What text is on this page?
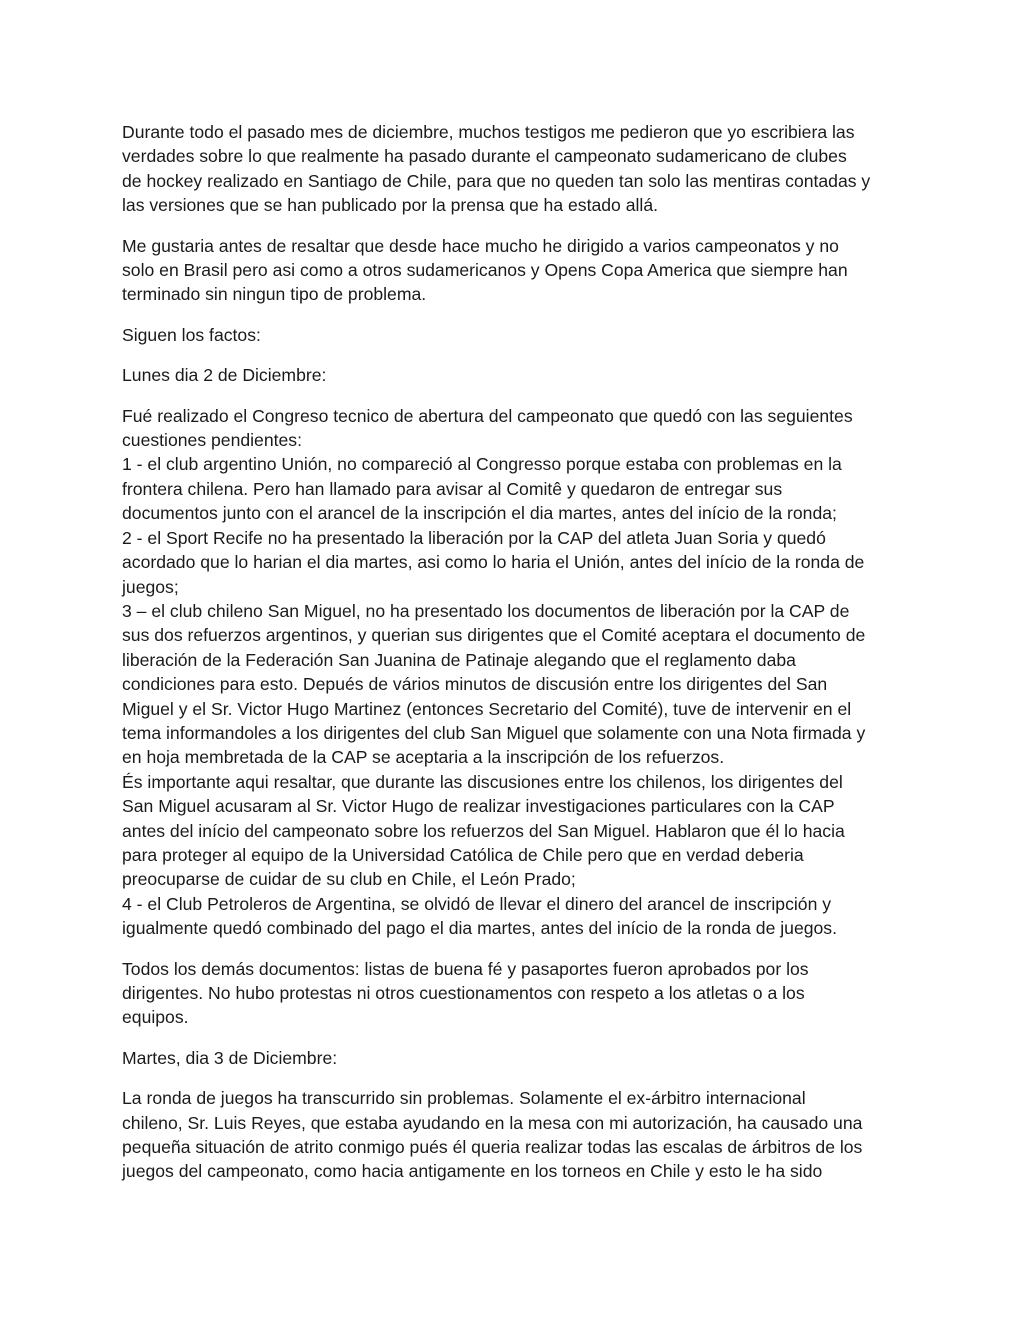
Durante todo el pasado mes de diciembre, muchos testigos me pedieron que yo escribiera las
verdades sobre lo que realmente ha pasado durante el campeonato sudamericano de clubes
de hockey realizado en Santiago de Chile, para que no queden tan solo las mentiras contadas y
las versiones que se han publicado por la prensa que ha estado allá.

Me gustaria antes de resaltar que desde hace mucho he dirigido a varios campeonatos y no
solo en Brasil pero asi como a otros sudamericanos y Opens Copa America que siempre han
terminado sin ningun tipo de problema.

Siguen los factos:

Lunes dia 2 de Diciembre:

Fué realizado el Congreso tecnico de abertura del campeonato que quedó con las seguientes
cuestiones pendientes:
1 - el club argentino Unión, no compareció al Congresso porque estaba con problemas en la
frontera chilena. Pero han llamado para avisar al Comitê y quedaron de entregar sus
documentos junto con el arancel de la inscripción el dia martes, antes del início de la ronda;
2 - el Sport Recife no ha presentado la liberación por la CAP del atleta Juan Soria y quedó
acordado que lo harian el dia martes, asi como lo haria el Unión, antes del início de la ronda de
juegos;
3 – el club chileno San Miguel, no ha presentado los documentos de liberación por la CAP de
sus dos refuerzos argentinos, y querian sus dirigentes que el Comité aceptara el documento de
liberación de la Federación San Juanina de Patinaje alegando que el reglamento daba
condiciones para esto. Depués de vários minutos de discusión entre los dirigentes del San
Miguel y el Sr. Victor Hugo Martinez (entonces Secretario del Comité), tuve de intervenir en el
tema informandoles a los dirigentes del club San Miguel que solamente con una Nota firmada y
en hoja membretada de la CAP se aceptaria a la inscripción de los refuerzos.
És importante aqui resaltar, que durante las discusiones entre los chilenos, los dirigentes del
San Miguel acusaram al Sr. Victor Hugo de realizar investigaciones particulares con la CAP
antes del início del campeonato sobre los refuerzos del San Miguel. Hablaron que él lo hacia
para proteger al equipo de la Universidad Católica de Chile pero que en verdad deberia
preocuparse de cuidar de su club en Chile, el León Prado;
4 - el Club Petroleros de Argentina, se olvidó de llevar el dinero del arancel de inscripción y
igualmente quedó combinado del pago el dia martes, antes del início de la ronda de juegos.

Todos los demás documentos: listas de buena fé y pasaportes fueron aprobados por los
dirigentes. No hubo protestas ni otros cuestionamentos con respeto a los atletas o a los
equipos.

Martes, dia 3 de Diciembre:

La ronda de juegos ha transcurrido sin problemas. Solamente el ex-árbitro internacional
chileno, Sr. Luis Reyes, que estaba ayudando en la mesa con mi autorización, ha causado una
pequeña situación de atrito conmigo pués él queria realizar todas las escalas de árbitros de los
juegos del campeonato, como hacia antigamente en los torneos en Chile y esto le ha sido
